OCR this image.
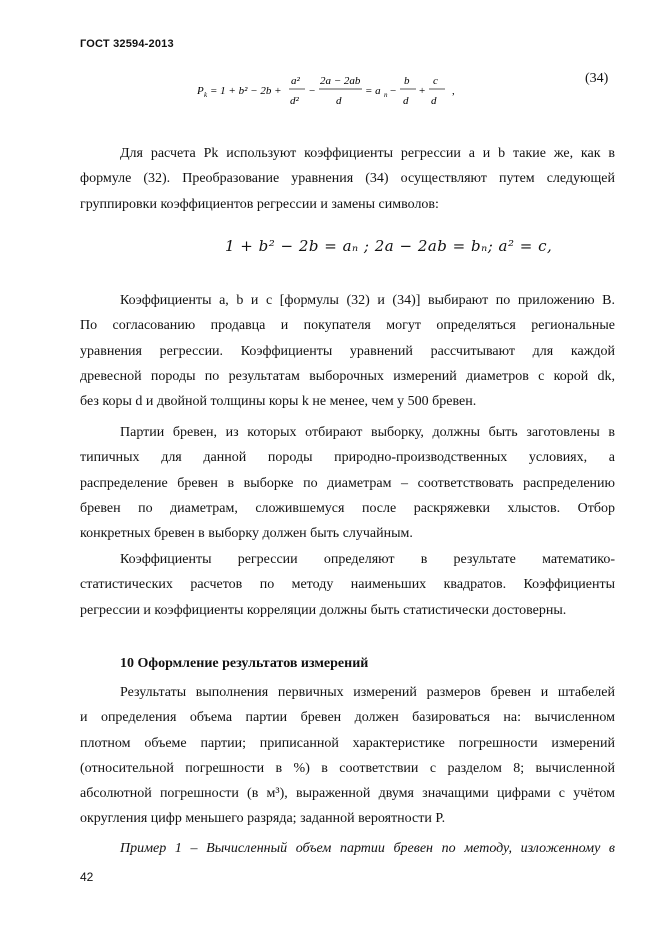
ГОСТ 32594-2013
P k = 1 + b² − 2b +
a²
d²
−
2a − 2ab
d
= a n −
b
d
+
c
d
,
(34)
Для расчета Pk используют коэффициенты регрессии a и b такие же, как в
формуле (32). Преобразование уравнения (34) осуществляют путем следующей
группировки коэффициентов регрессии и замены символов:
1 + b² − 2b = aₙ ; 2a − 2ab = bₙ; a² = c,
Коэффициенты a, b и c [формулы (32) и (34)] выбирают по приложению В.
По согласованию продавца и покупателя могут определяться региональные
уравнения регрессии. Коэффициенты уравнений рассчитывают для каждой
древесной породы по результатам выборочных измерений диаметров с корой dk,
без коры d и двойной толщины коры k не менее, чем у 500 бревен.
Партии бревен, из которых отбирают выборку, должны быть заготовлены в
типичных для данной породы природно-производственных условиях, а
распределение бревен в выборке по диаметрам – соответствовать распределению
бревен по диаметрам, сложившемуся после раскряжевки хлыстов. Отбор
конкретных бревен в выборку должен быть случайным.
Коэффициенты регрессии определяют в результате математико-
статистических расчетов по методу наименьших квадратов. Коэффициенты
регрессии и коэффициенты корреляции должны быть статистически достоверны.
10 Оформление результатов измерений
Результаты выполнения первичных измерений размеров бревен и штабелей
и определения объема партии бревен должен базироваться на: вычисленном
плотном объеме партии; приписанной характеристике погрешности измерений
(относительной погрешности в %) в соответствии с разделом 8; вычисленной
абсолютной погрешности (в м³), выраженной двумя значащими цифрами с учётом
округления цифр меньшего разряда; заданной вероятности P.
Пример 1 – Вычисленный объем партии бревен по методу, изложенному в
42
